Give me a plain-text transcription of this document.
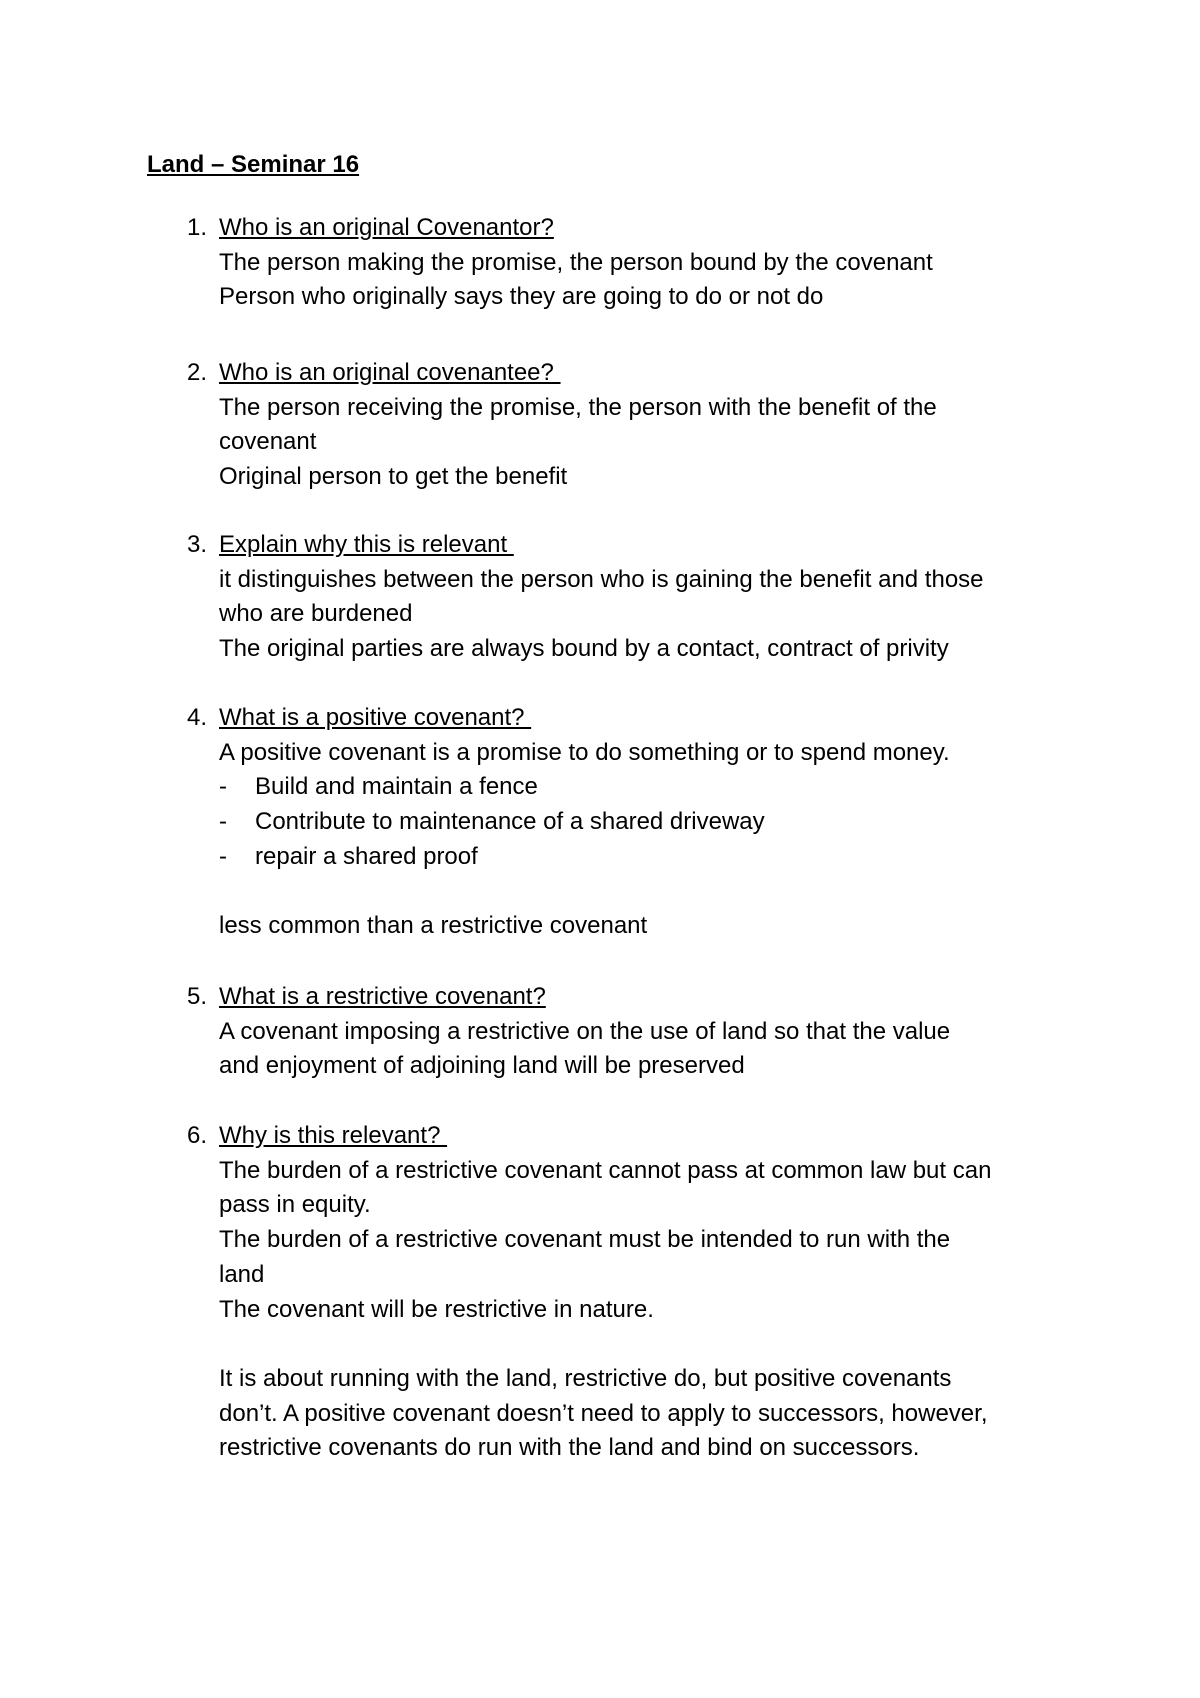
Land – Seminar 16
1. Who is an original Covenantor?
The person making the promise, the person bound by the covenant
Person who originally says they are going to do or not do
2. Who is an original covenantee?
The person receiving the promise, the person with the benefit of the
covenant
Original person to get the benefit
3. Explain why this is relevant
it distinguishes between the person who is gaining the benefit and those
who are burdened
The original parties are always bound by a contact, contract of privity
4. What is a positive covenant?
A positive covenant is a promise to do something or to spend money.
- Build and maintain a fence
- Contribute to maintenance of a shared driveway
- repair a shared proof
less common than a restrictive covenant
5. What is a restrictive covenant?
A covenant imposing a restrictive on the use of land so that the value
and enjoyment of adjoining land will be preserved
6. Why is this relevant?
The burden of a restrictive covenant cannot pass at common law but can
pass in equity.
The burden of a restrictive covenant must be intended to run with the
land
The covenant will be restrictive in nature.
It is about running with the land, restrictive do, but positive covenants
don’t. A positive covenant doesn’t need to apply to successors, however,
restrictive covenants do run with the land and bind on successors.
